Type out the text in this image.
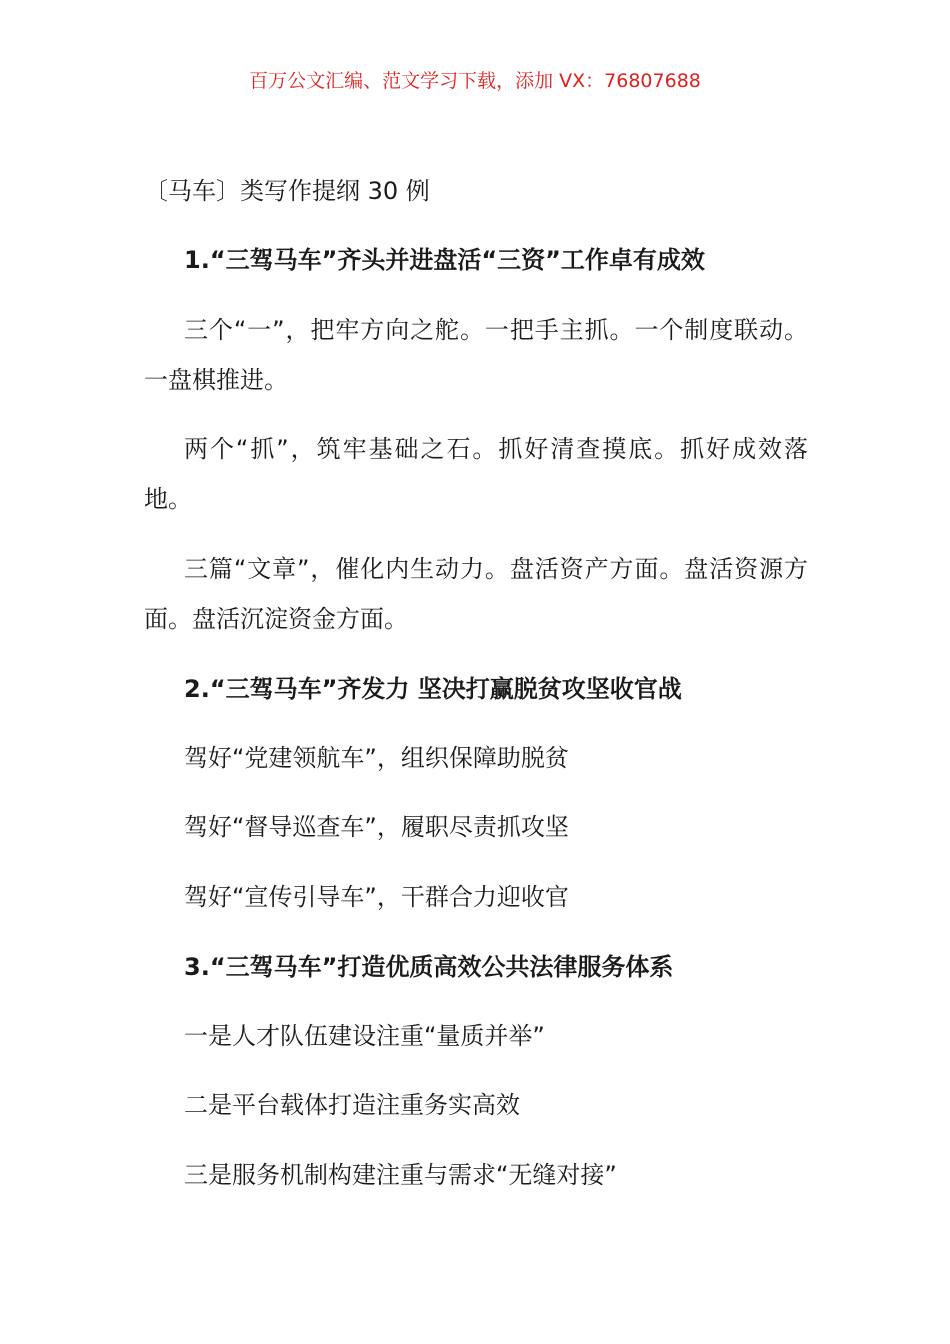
百万公文汇编、范文学习下载，添加 VX：76807688
〔马车〕类写作提纲 30 例
1.“三驾马车”齐头并进盘活“三资”工作卓有成效
三个“一”，把牢方向之舵。一把手主抓。一个制度联动。一盘棋推进。
两个“抓”，筑牢基础之石。抓好清查摸底。抓好成效落地。
三篇“文章”，催化内生动力。盘活资产方面。盘活资源方面。盘活沉淀资金方面。
2.“三驾马车”齐发力 坚决打赢脱贫攻坚收官战
驾好“党建领航车”，组织保障助脱贫
驾好“督导巡查车”，履职尽责抓攻坚
驾好“宣传引导车”，干群合力迎收官
3.“三驾马车”打造优质高效公共法律服务体系
一是人才队伍建设注重“量质并举”
二是平台载体打造注重务实高效
三是服务机制构建注重与需求“无缝对接”
